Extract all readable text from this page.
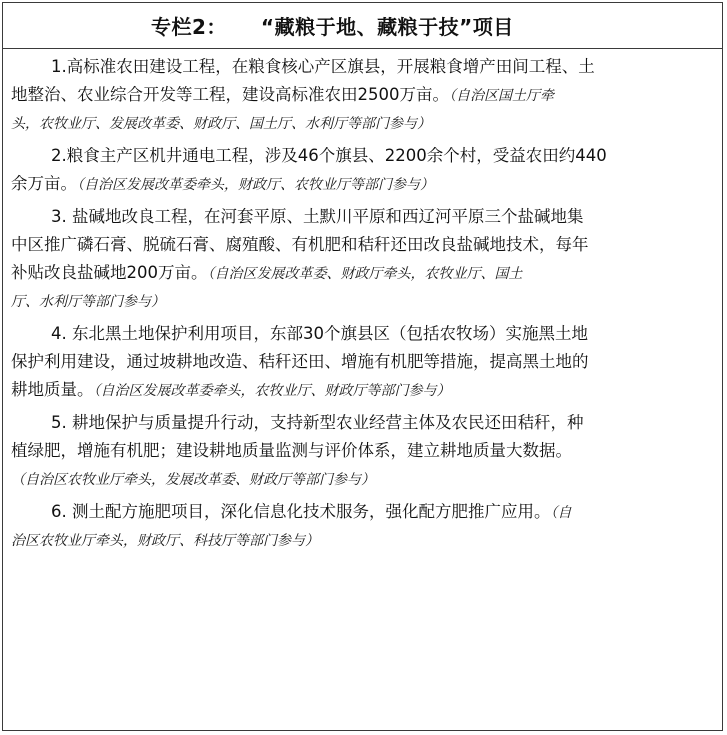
专栏2： “藏粮于地、藏粮于技”项目
1.高标准农田建设工程，在粮食核心产区旗县，开展粮食增产田间工程、土
地整治、农业综合开发等工程，建设高标准农田2500万亩。（自治区国土厅牵
头，农牧业厅、发展改革委、财政厅、国土厅、水利厅等部门参与）
2.粮食主产区机井通电工程，涉及46个旗县、2200余个村，受益农田约440
余万亩。（自治区发展改革委牵头，财政厅、农牧业厅等部门参与）
3. 盐碱地改良工程，在河套平原、土默川平原和西辽河平原三个盐碱地集
中区推广磷石膏、脱硫石膏、腐殖酸、有机肥和秸秆还田改良盐碱地技术，每年
补贴改良盐碱地200万亩。（自治区发展改革委、财政厅牵头，农牧业厅、国土
厅、水利厅等部门参与）
4. 东北黑土地保护利用项目，东部30个旗县区（包括农牧场）实施黑土地
保护利用建设，通过坡耕地改造、秸秆还田、增施有机肥等措施，提高黑土地的
耕地质量。（自治区发展改革委牵头，农牧业厅、财政厅等部门参与）
5. 耕地保护与质量提升行动，支持新型农业经营主体及农民还田秸秆，种
植绿肥，增施有机肥；建设耕地质量监测与评价体系，建立耕地质量大数据。
（自治区农牧业厅牵头，发展改革委、财政厅等部门参与）
6. 测土配方施肥项目，深化信息化技术服务，强化配方肥推广应用。（自
治区农牧业厅牵头，财政厅、科技厅等部门参与）
